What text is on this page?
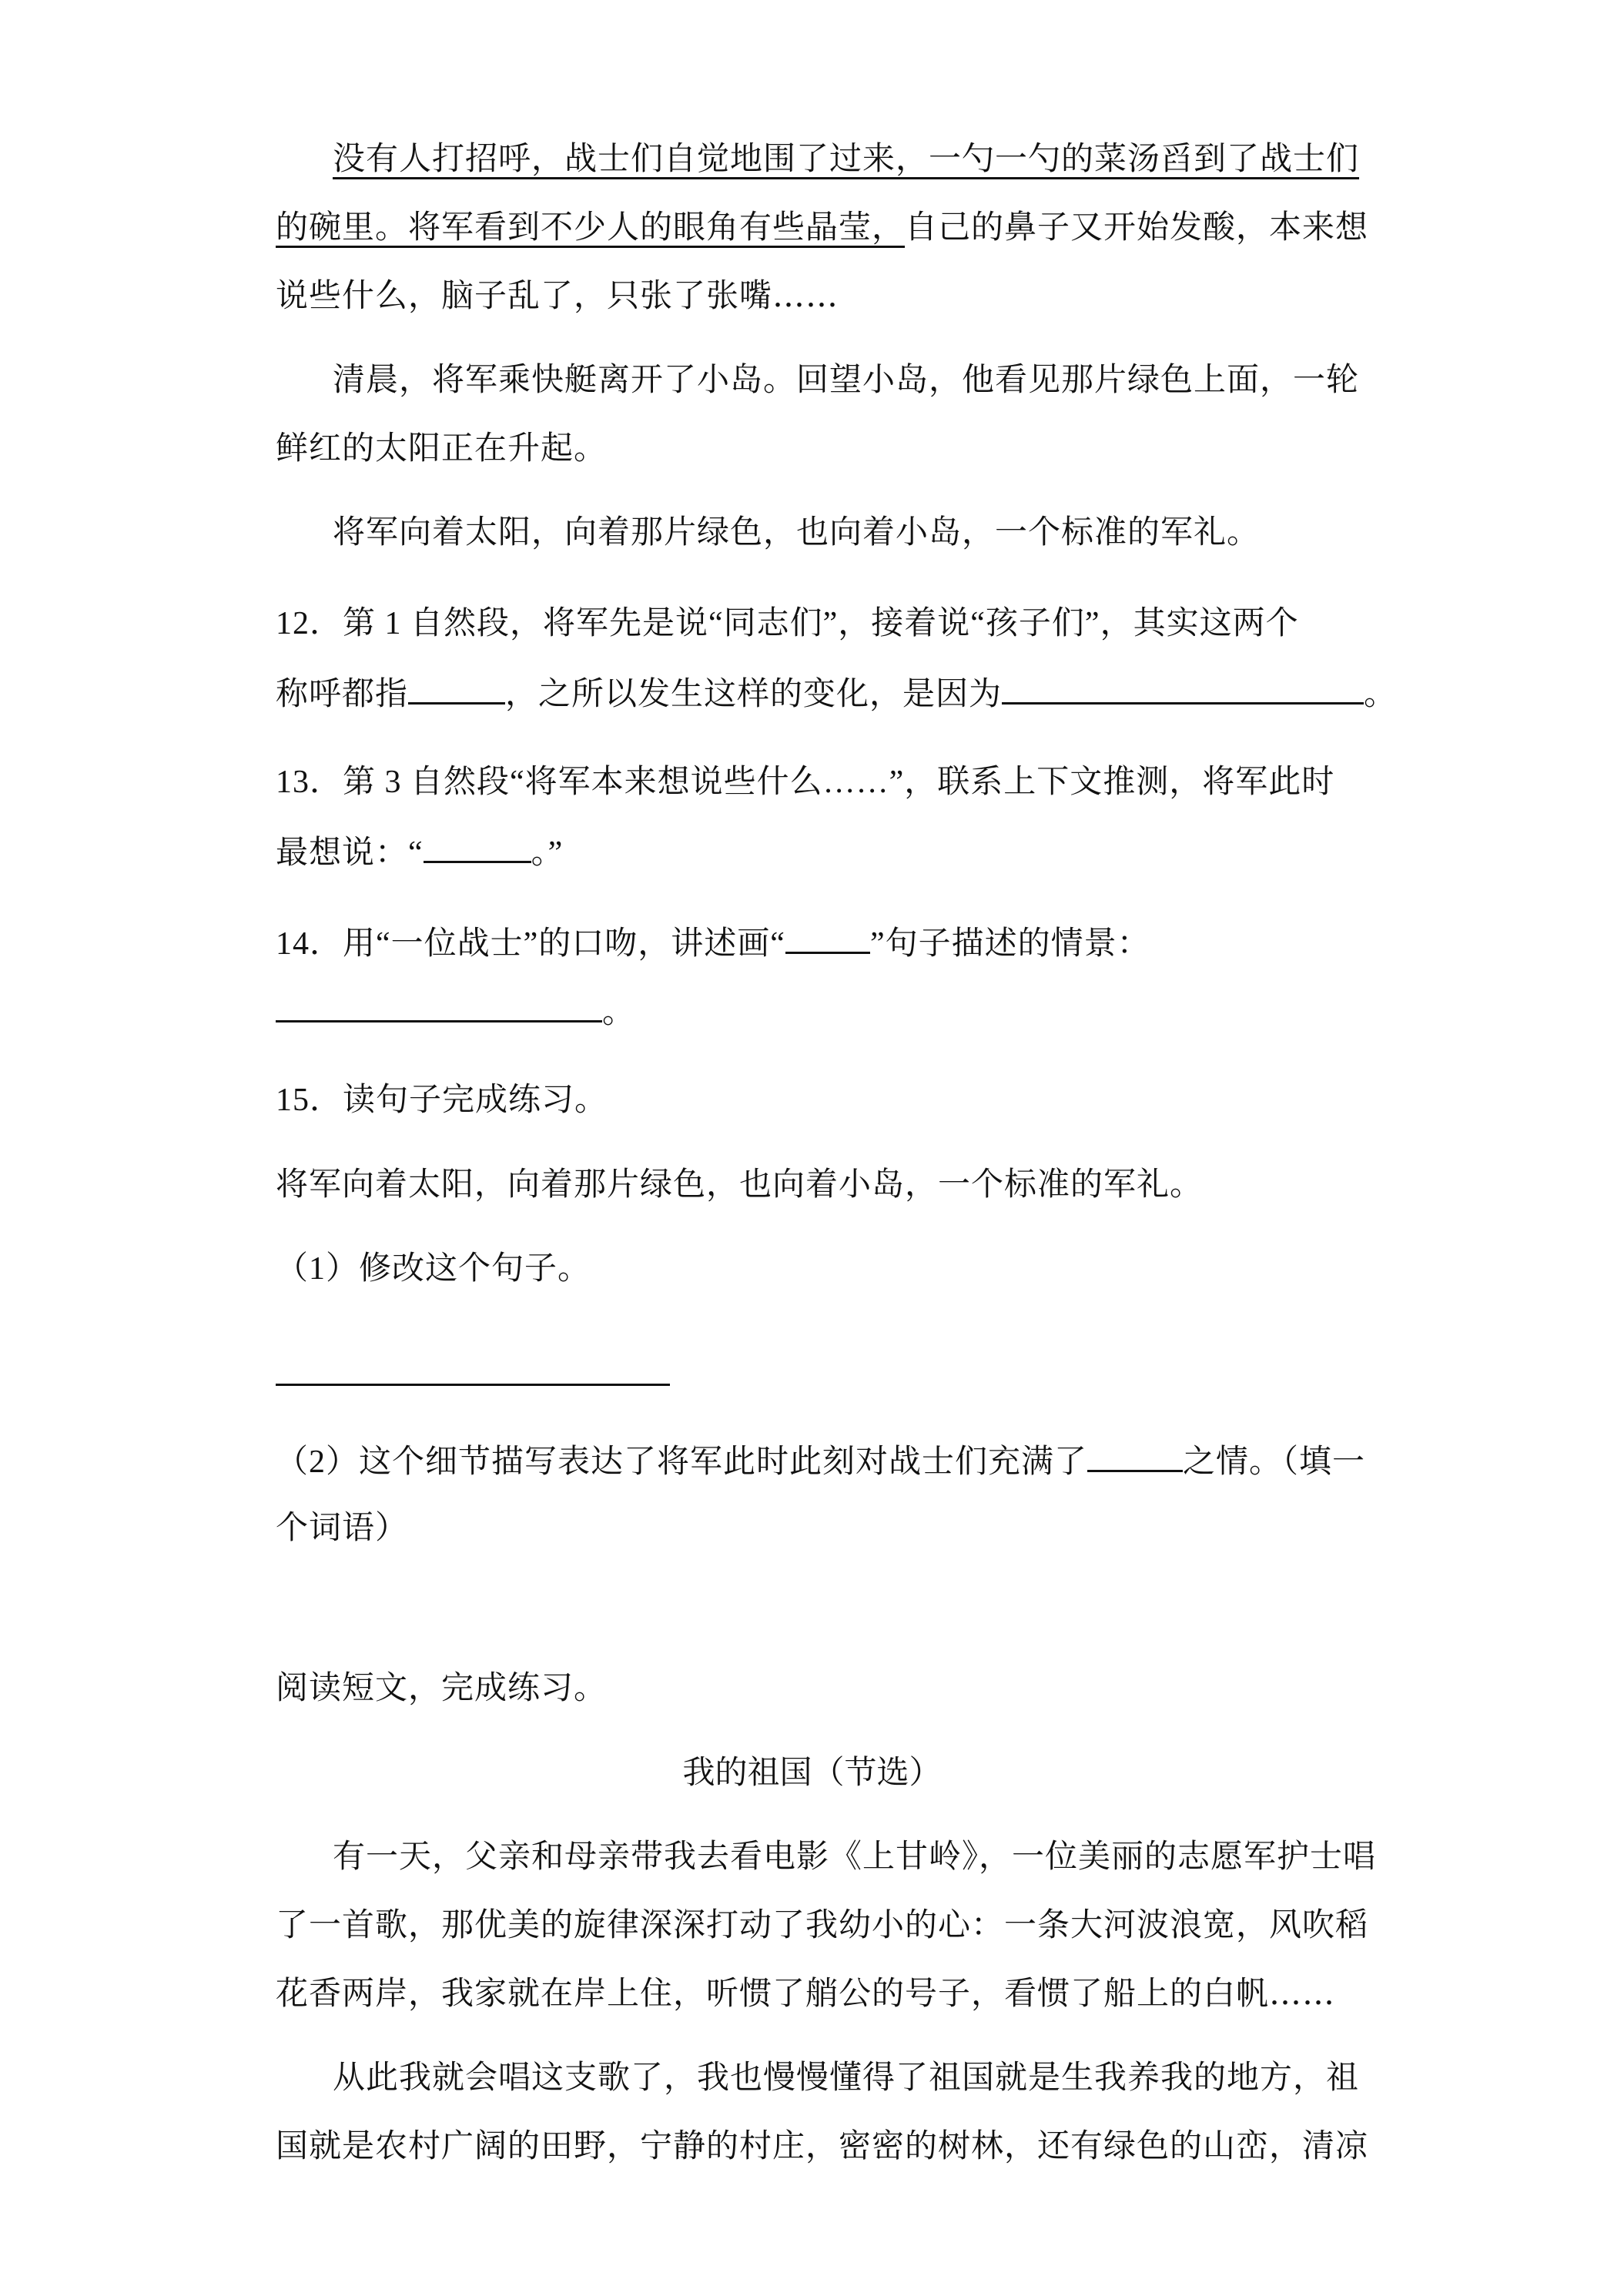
没有人打招呼，战士们自觉地围了过来，一勺一勺的菜汤舀到了战士们
的碗里。将军看到不少人的眼角有些晶莹，自己的鼻子又开始发酸，本来想
说些什么，脑子乱了，只张了张嘴……
清晨，将军乘快艇离开了小岛。回望小岛，他看见那片绿色上面，一轮
鲜红的太阳正在升起。
将军向着太阳，向着那片绿色，也向着小岛，一个标准的军礼。
12．第 1 自然段，将军先是说“同志们”，接着说“孩子们”，其实这两个
称呼都指	，之所以发生这样的变化，是因为	。
13．第 3 自然段“将军本来想说些什么……”，联系上下文推测，将军此时
最想说：“	。”
14．用“一位战士”的口吻，讲述画“	”句子描述的情景：
。
15．读句子完成练习。
将军向着太阳，向着那片绿色，也向着小岛，一个标准的军礼。
（1）修改这个句子。
（2）这个细节描写表达了将军此时此刻对战士们充满了	之情。（填一
个词语）
阅读短文，完成练习。
我的祖国（节选）
有一天，父亲和母亲带我去看电影《上甘岭》，一位美丽的志愿军护士唱
了一首歌，那优美的旋律深深打动了我幼小的心：一条大河波浪宽，风吹稻
花香两岸，我家就在岸上住，听惯了艄公的号子，看惯了船上的白帆……
从此我就会唱这支歌了，我也慢慢懂得了祖国就是生我养我的地方，祖
国就是农村广阔的田野，宁静的村庄，密密的树林，还有绿色的山峦，清凉
